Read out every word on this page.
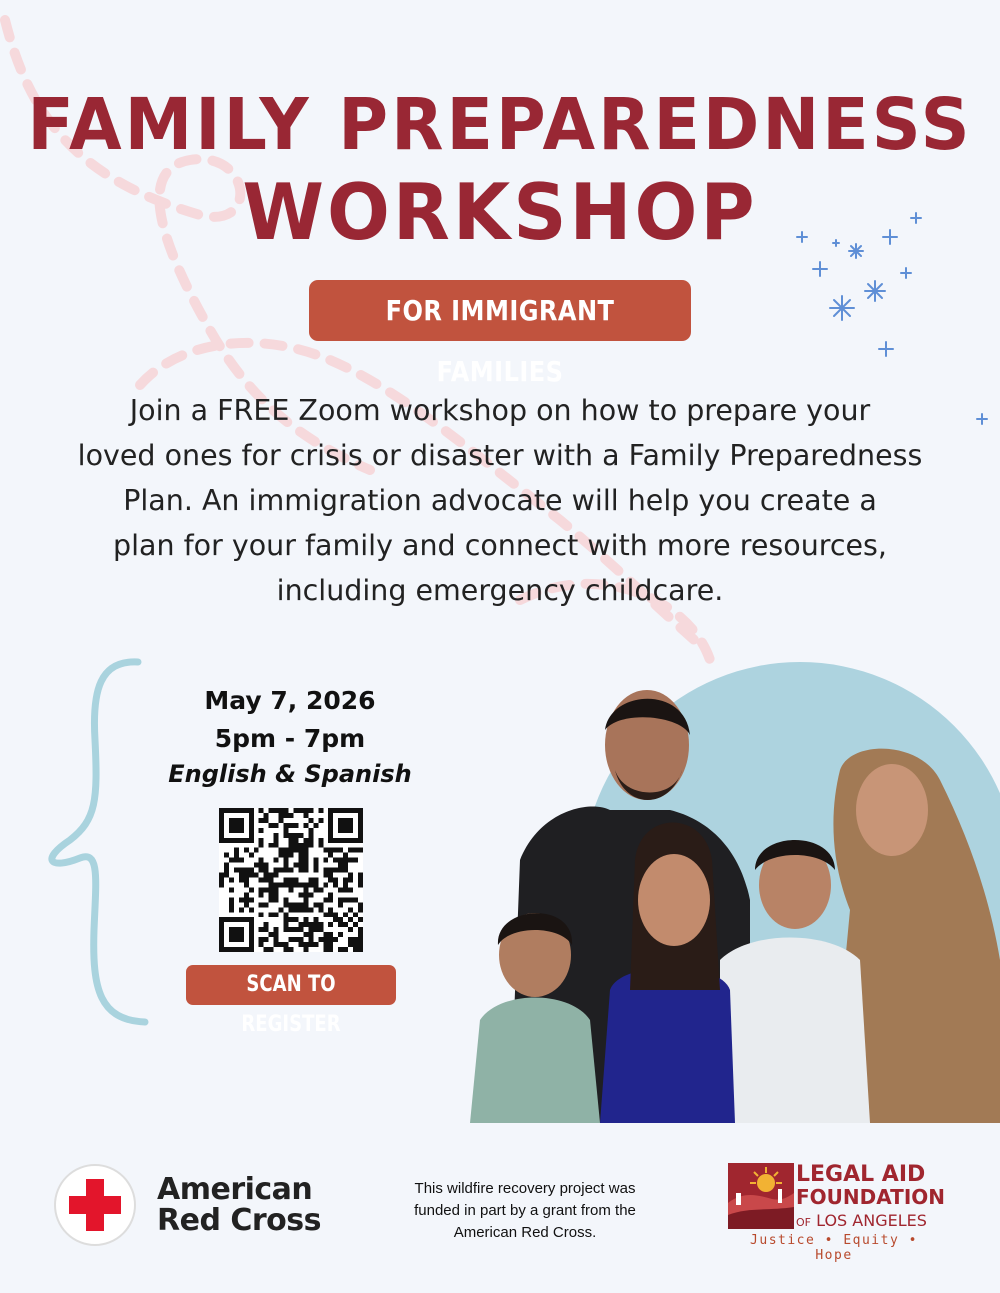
FAMILY PREPAREDNESS
WORKSHOP
FOR IMMIGRANT FAMILIES
Join a FREE Zoom workshop on how to prepare your
loved ones for crisis or disaster with a Family Preparedness
Plan. An immigration advocate will help you create a
plan for your family and connect with more resources,
including emergency childcare.
May 7, 2026
5pm - 7pm
English & Spanish
SCAN TO REGISTER
American
Red Cross
This wildfire recovery project was
funded in part by a grant from the
American Red Cross.
LEGAL AID
FOUNDATION
OF LOS ANGELES
Justice • Equity • Hope
